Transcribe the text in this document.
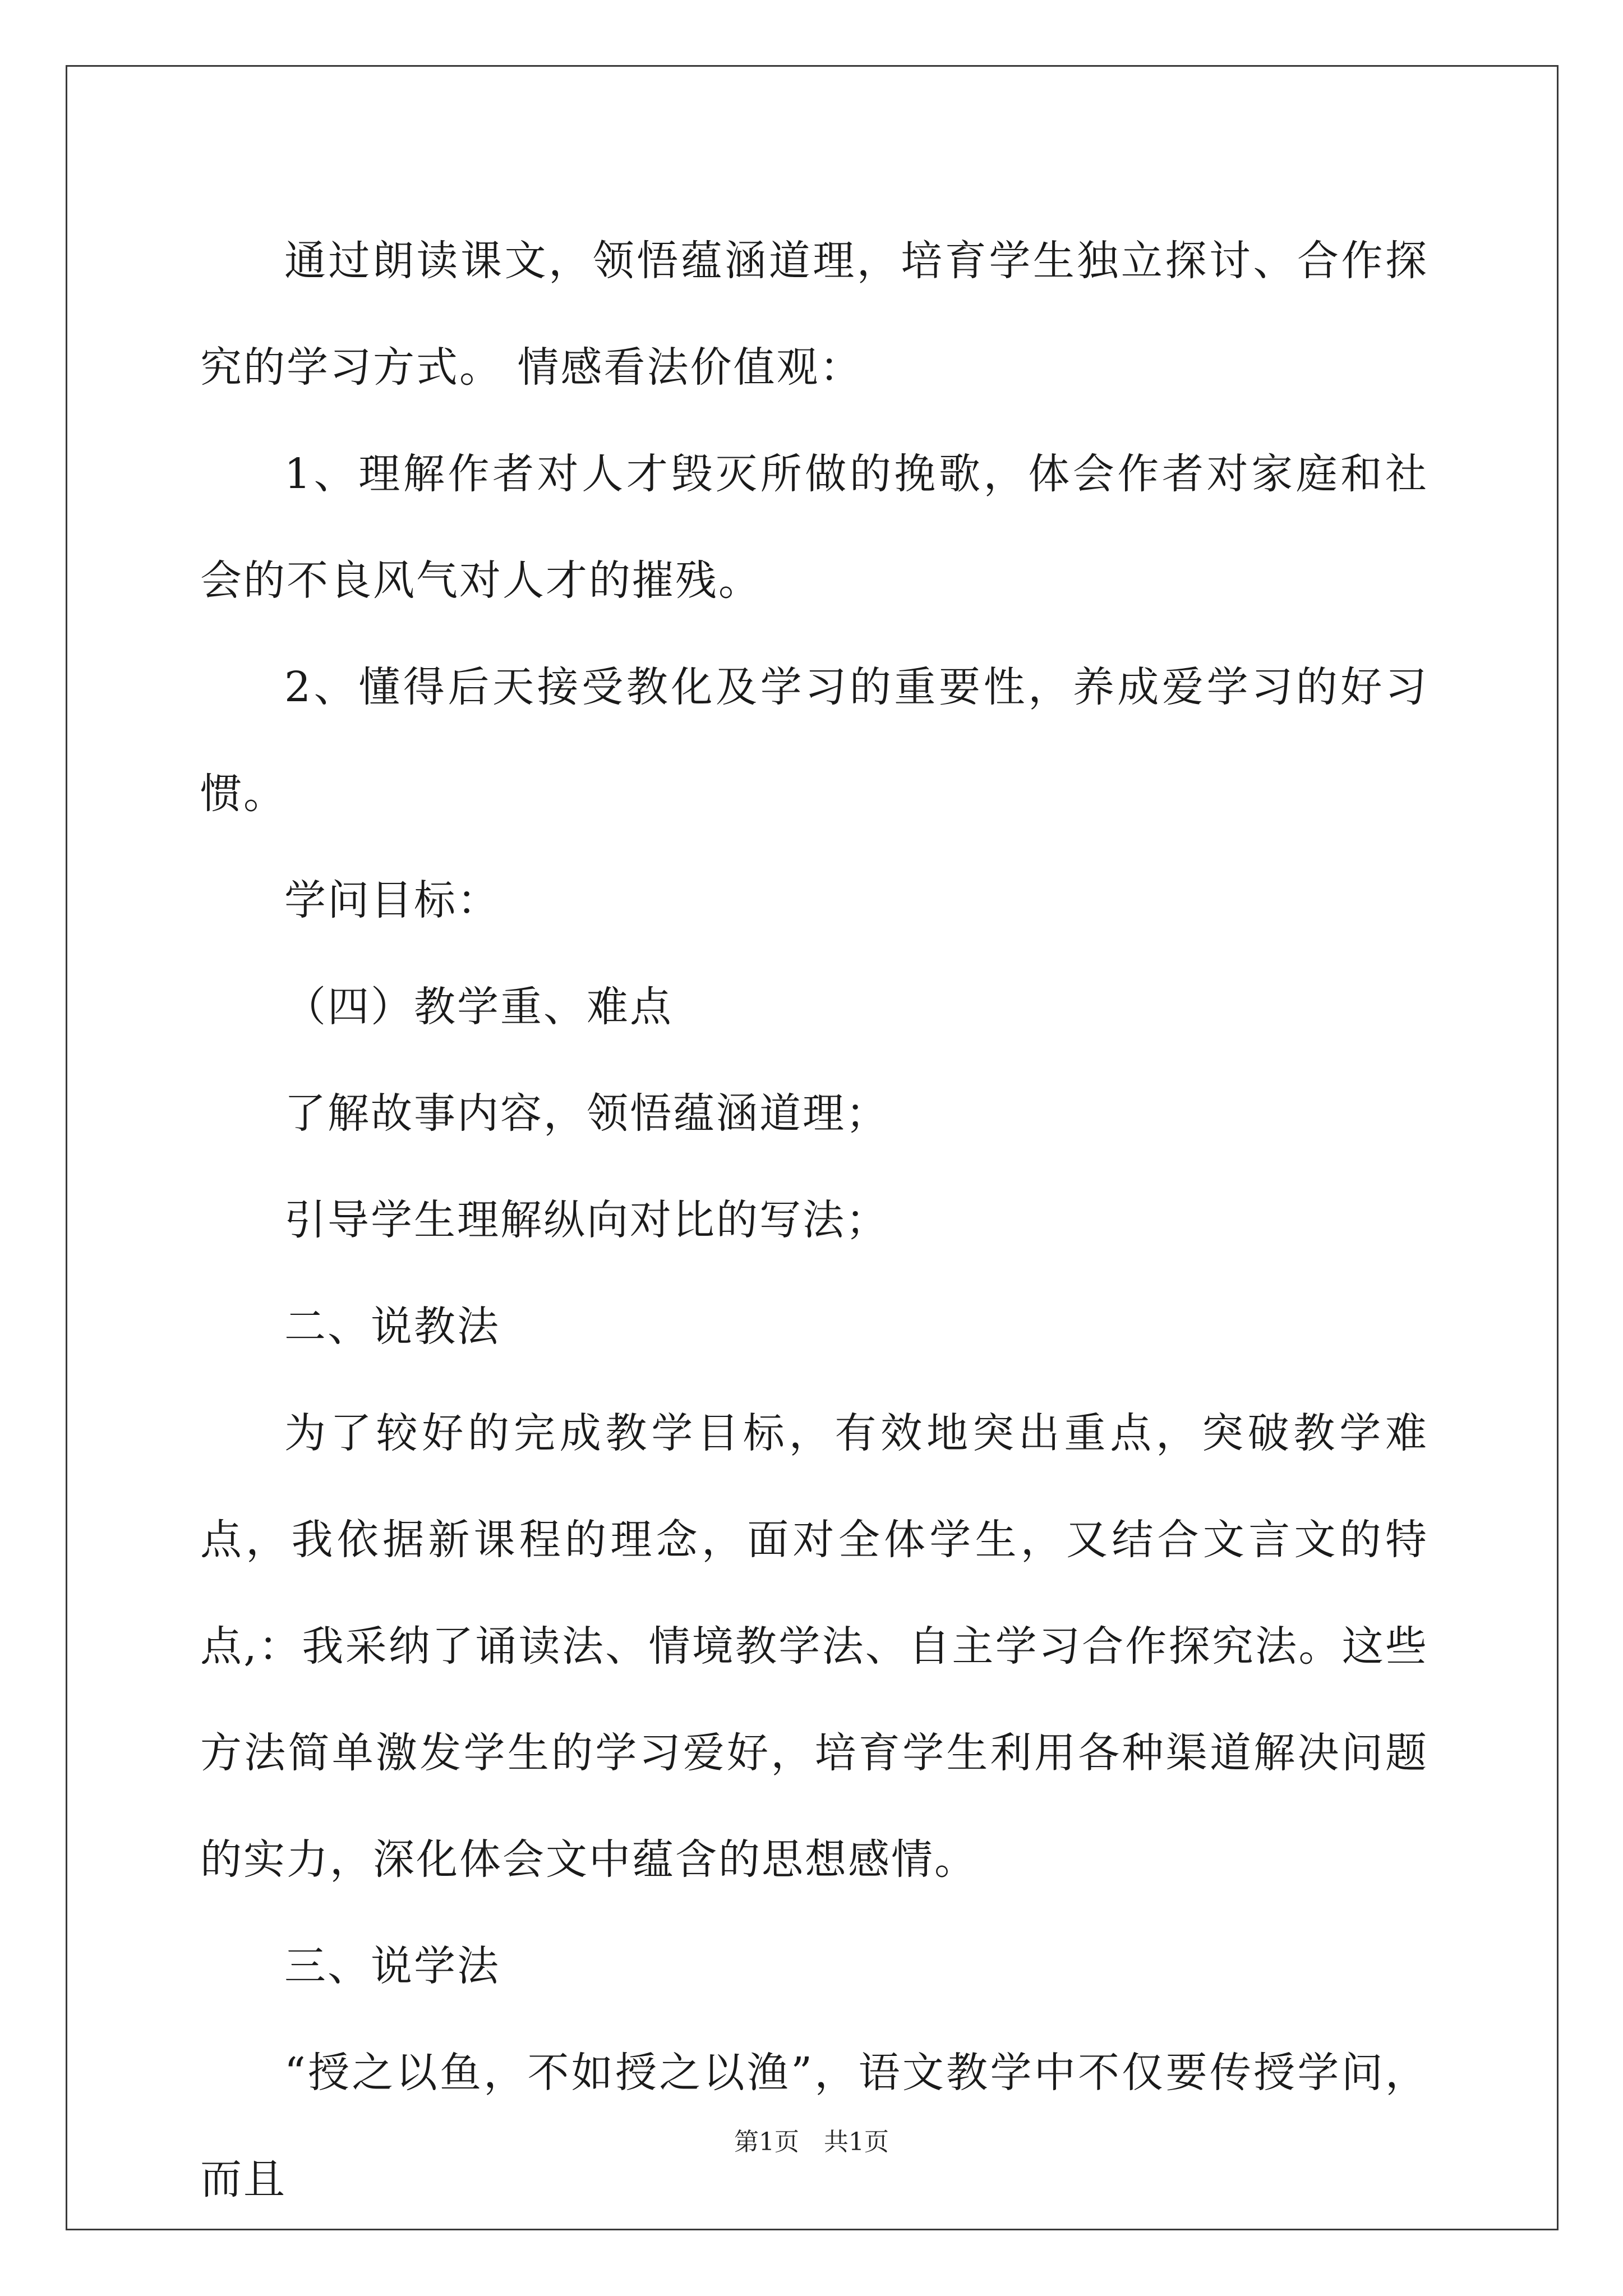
通过朗读课文，领悟蕴涵道理，培育学生独立探讨、合作探究的学习方式。 情感看法价值观：

1、理解作者对人才毁灭所做的挽歌，体会作者对家庭和社会的不良风气对人才的摧残。

2、懂得后天接受教化及学习的重要性，养成爱学习的好习惯。

学问目标：

（四）教学重、难点

了解故事内容，领悟蕴涵道理；

引导学生理解纵向对比的写法；

二、说教法

为了较好的完成教学目标，有效地突出重点，突破教学难点，我依据新课程的理念，面对全体学生，又结合文言文的特点,：我采纳了诵读法、情境教学法、自主学习合作探究法。这些方法简单激发学生的学习爱好，培育学生利用各种渠道解决问题的实力，深化体会文中蕴含的思想感情。

三、说学法

“授之以鱼，不如授之以渔”，语文教学中不仅要传授学问，而且

第1页　共1页
